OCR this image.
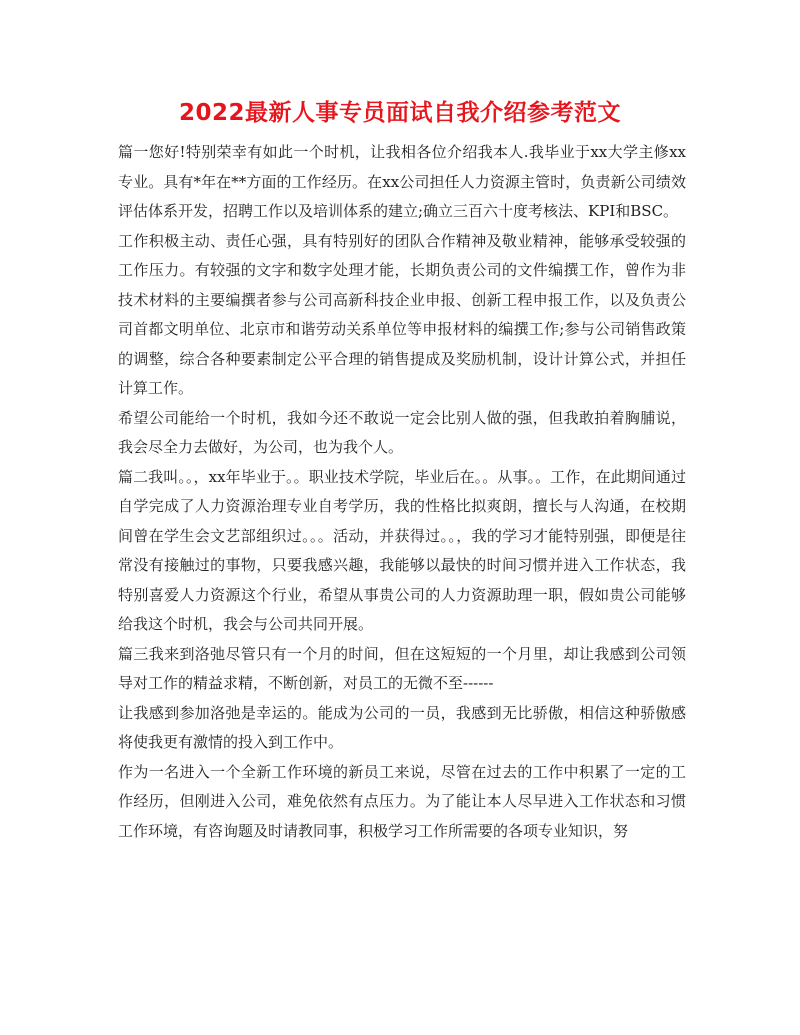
2022最新人事专员面试自我介绍参考范文

篇一您好!特别荣幸有如此一个时机，让我相各位介绍我本人.我毕业于xx大学主修xx专业。具有*年在**方面的工作经历。在xx公司担任人力资源主管时，负责新公司绩效评估体系开发，招聘工作以及培训体系的建立;确立三百六十度考核法、KPI和BSC。

工作积极主动、责任心强，具有特别好的团队合作精神及敬业精神，能够承受较强的工作压力。有较强的文字和数字处理才能，长期负责公司的文件编撰工作，曾作为非技术材料的主要编撰者参与公司高新科技企业申报、创新工程申报工作，以及负责公司首都文明单位、北京市和谐劳动关系单位等申报材料的编撰工作;参与公司销售政策的调整，综合各种要素制定公平合理的销售提成及奖励机制，设计计算公式，并担任计算工作。

希望公司能给一个时机，我如今还不敢说一定会比别人做的强，但我敢拍着胸脯说，我会尽全力去做好，为公司，也为我个人。

篇二我叫。。，xx年毕业于。。职业技术学院，毕业后在。。从事。。工作，在此期间通过自学完成了人力资源治理专业自考学历，我的性格比拟爽朗，擅长与人沟通，在校期间曾在学生会文艺部组织过。。。活动，并获得过。。，我的学习才能特别强，即便是往常没有接触过的事物，只要我感兴趣，我能够以最快的时间习惯并进入工作状态，我特别喜爱人力资源这个行业，希望从事贵公司的人力资源助理一职，假如贵公司能够给我这个时机，我会与公司共同开展。

篇三我来到洛弛尽管只有一个月的时间，但在这短短的一个月里，却让我感到公司领导对工作的精益求精，不断创新，对员工的无微不至------

让我感到参加洛弛是幸运的。能成为公司的一员，我感到无比骄傲，相信这种骄傲感将使我更有激情的投入到工作中。

作为一名进入一个全新工作环境的新员工来说，尽管在过去的工作中积累了一定的工作经历，但刚进入公司，难免依然有点压力。为了能让本人尽早进入工作状态和习惯工作环境，有咨询题及时请教同事，积极学习工作所需要的各项专业知识，努
